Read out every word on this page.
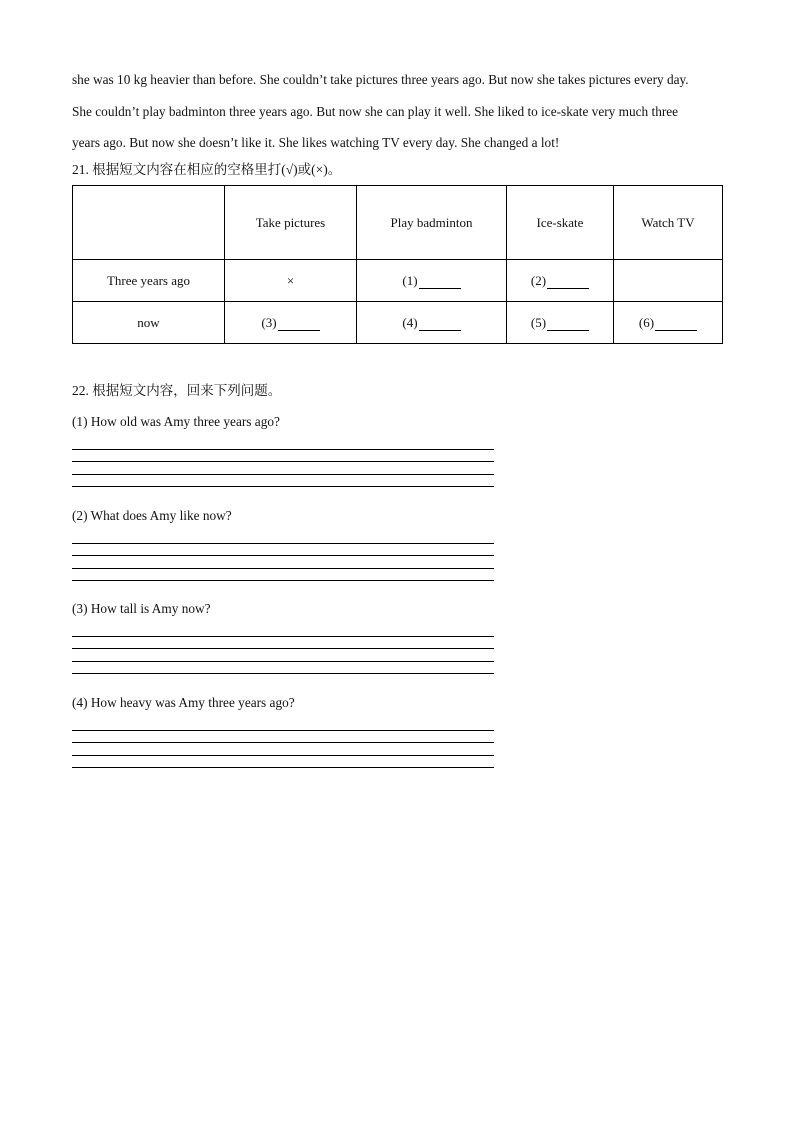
she was 10 kg heavier than before. She couldn’t take pictures three years ago. But now she takes pictures every day.

She couldn’t play badminton three years ago. But now she can play it well. She liked to ice-skate very much three

years ago. But now she doesn’t like it. She likes watching TV every day. She changed a lot!

21. 根据短文内容在相应的空格里打(√)或(×)。
	Take pictures	Play badminton	Ice-skate	Watch TV
Three years ago	×	(1)	(2)	

now	(3)	(4)	(5)	(6)
22. 根据短文内容，回来下列问题。
(1) How old was Amy three years ago?
(2) What does Amy like now?
(3) How tall is Amy now?
(4) How heavy was Amy three years ago?
